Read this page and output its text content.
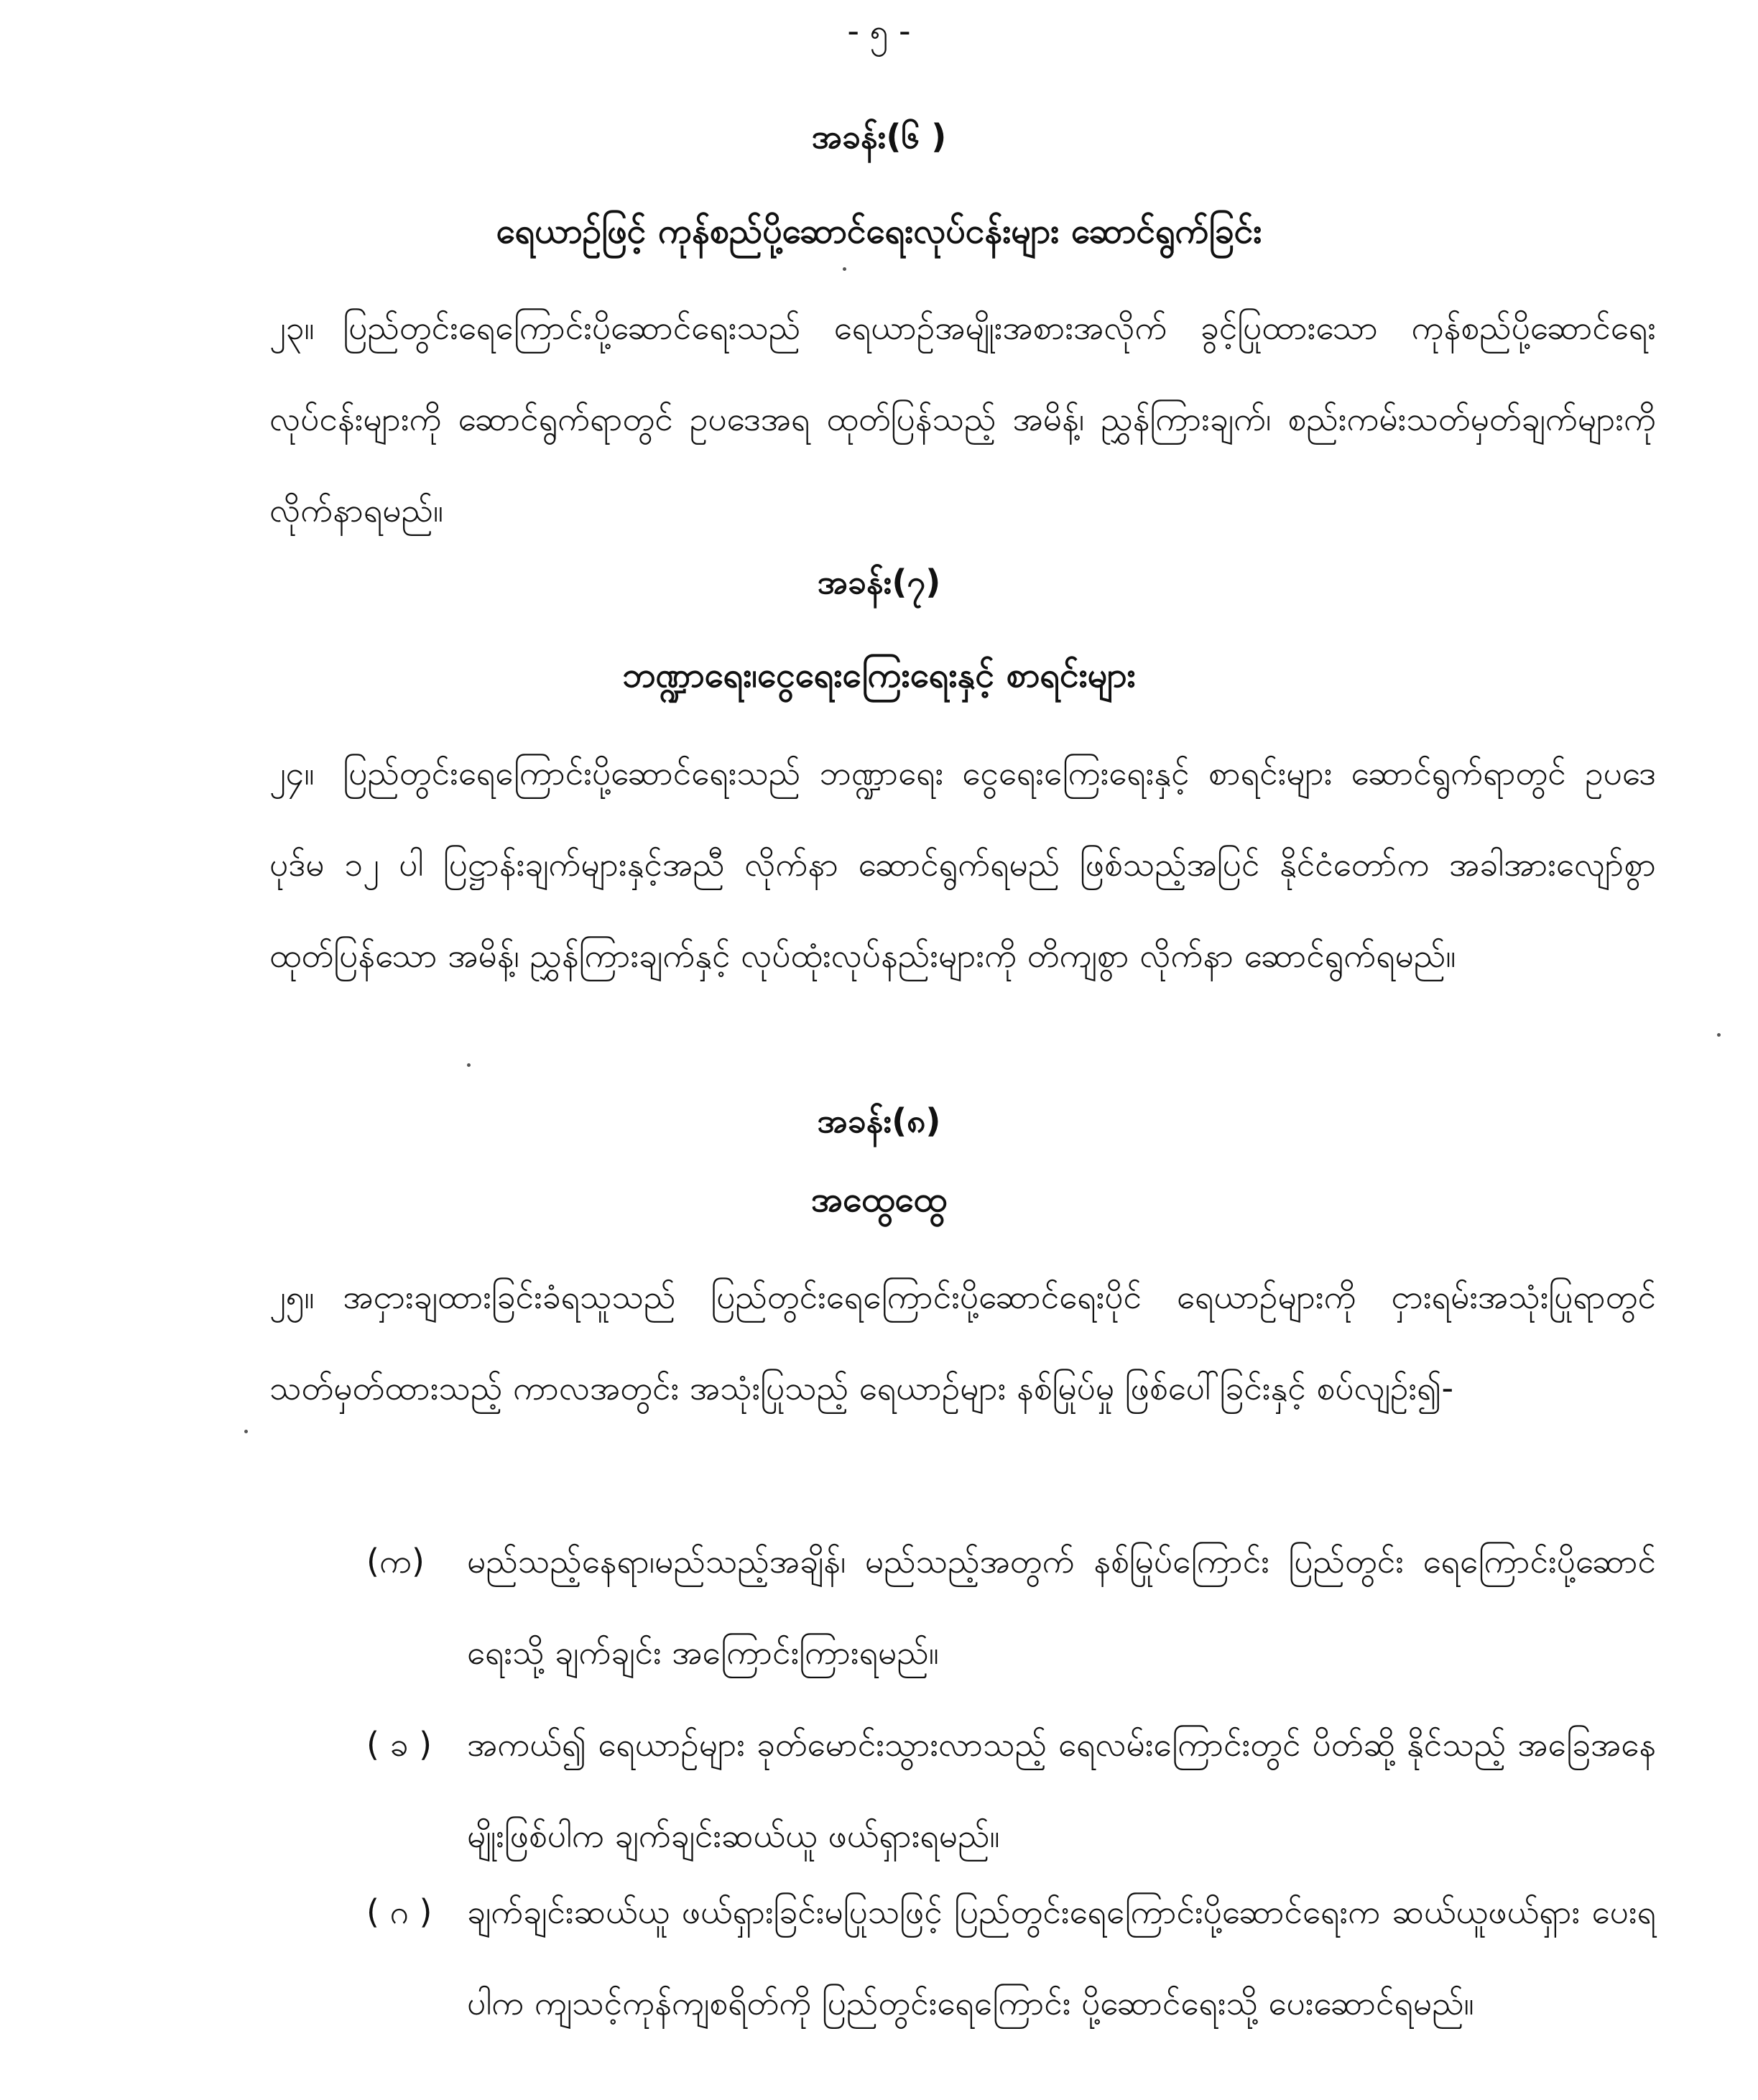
- ၅ -
အခန်း(၆ )
ရေယာဉ်ဖြင့် ကုန်စည်ပို့ဆောင်ရေးလုပ်ငန်းများ ဆောင်ရွက်ခြင်း
၂၃။ ပြည်တွင်းရေကြောင်းပို့ဆောင်ရေးသည် ရေယာဉ်အမျိုးအစားအလိုက် ခွင့်ပြုထားသော ကုန်စည်ပို့ဆောင်ရေးလုပ်ငန်းများကို ဆောင်ရွက်ရာတွင် ဥပဒေအရ ထုတ်ပြန်သည့် အမိန့်၊ ညွှန်ကြားချက်၊ စည်းကမ်းသတ်မှတ်ချက်များကို လိုက်နာရမည်။
အခန်း(၇)
ဘဏ္ဍာရေး၊ငွေရေးကြေးရေးနှင့် စာရင်းများ
၂၄။ ပြည်တွင်းရေကြောင်းပို့ဆောင်ရေးသည် ဘဏ္ဍာရေး ငွေရေးကြေးရေးနှင့် စာရင်းများ ဆောင်ရွက်ရာတွင် ဥပဒေ ပုဒ်မ ၁၂ ပါ ပြဋ္ဌာန်းချက်များနှင့်အညီ လိုက်နာ ဆောင်ရွက်ရမည် ဖြစ်သည့်အပြင် နိုင်ငံတော်က အခါအားလျော်စွာ ထုတ်ပြန်သော အမိန့်၊ ညွှန်ကြားချက်နှင့် လုပ်ထုံးလုပ်နည်းများကို တိကျစွာ လိုက်နာ ဆောင်ရွက်ရမည်။
အခန်း(၈)
အထွေထွေ
၂၅။ အငှားချထားခြင်းခံရသူသည် ပြည်တွင်းရေကြောင်းပို့ဆောင်ရေးပိုင် ရေယာဉ်များကို ငှားရမ်းအသုံးပြုရာတွင် သတ်မှတ်ထားသည့် ကာလအတွင်း အသုံးပြုသည့် ရေယာဉ်များ နစ်မြုပ်မှု ဖြစ်ပေါ်ခြင်းနှင့် စပ်လျဉ်း၍-
(က)	မည်သည့်နေရာ၊မည်သည့်အချိန်၊ မည်သည့်အတွက် နစ်မြုပ်ကြောင်း ပြည်တွင်း ရေကြောင်းပို့ဆောင်ရေးသို့ ချက်ချင်း အကြောင်းကြားရမည်။
( ခ )	အကယ်၍ ရေယာဉ်များ ခုတ်မောင်းသွားလာသည့် ရေလမ်းကြောင်းတွင် ပိတ်ဆို့ နိုင်သည့် အခြေအနေမျိုးဖြစ်ပါက ချက်ချင်းဆယ်ယူ ဖယ်ရှားရမည်။
( ဂ )	ချက်ချင်းဆယ်ယူ ဖယ်ရှားခြင်းမပြုသဖြင့် ပြည်တွင်းရေကြောင်းပို့ဆောင်ရေးက ဆယ်ယူဖယ်ရှား ပေးရပါက ကျသင့်ကုန်ကျစရိတ်ကို ပြည်တွင်းရေကြောင်း ပို့ဆောင်ရေးသို့ ပေးဆောင်ရမည်။
